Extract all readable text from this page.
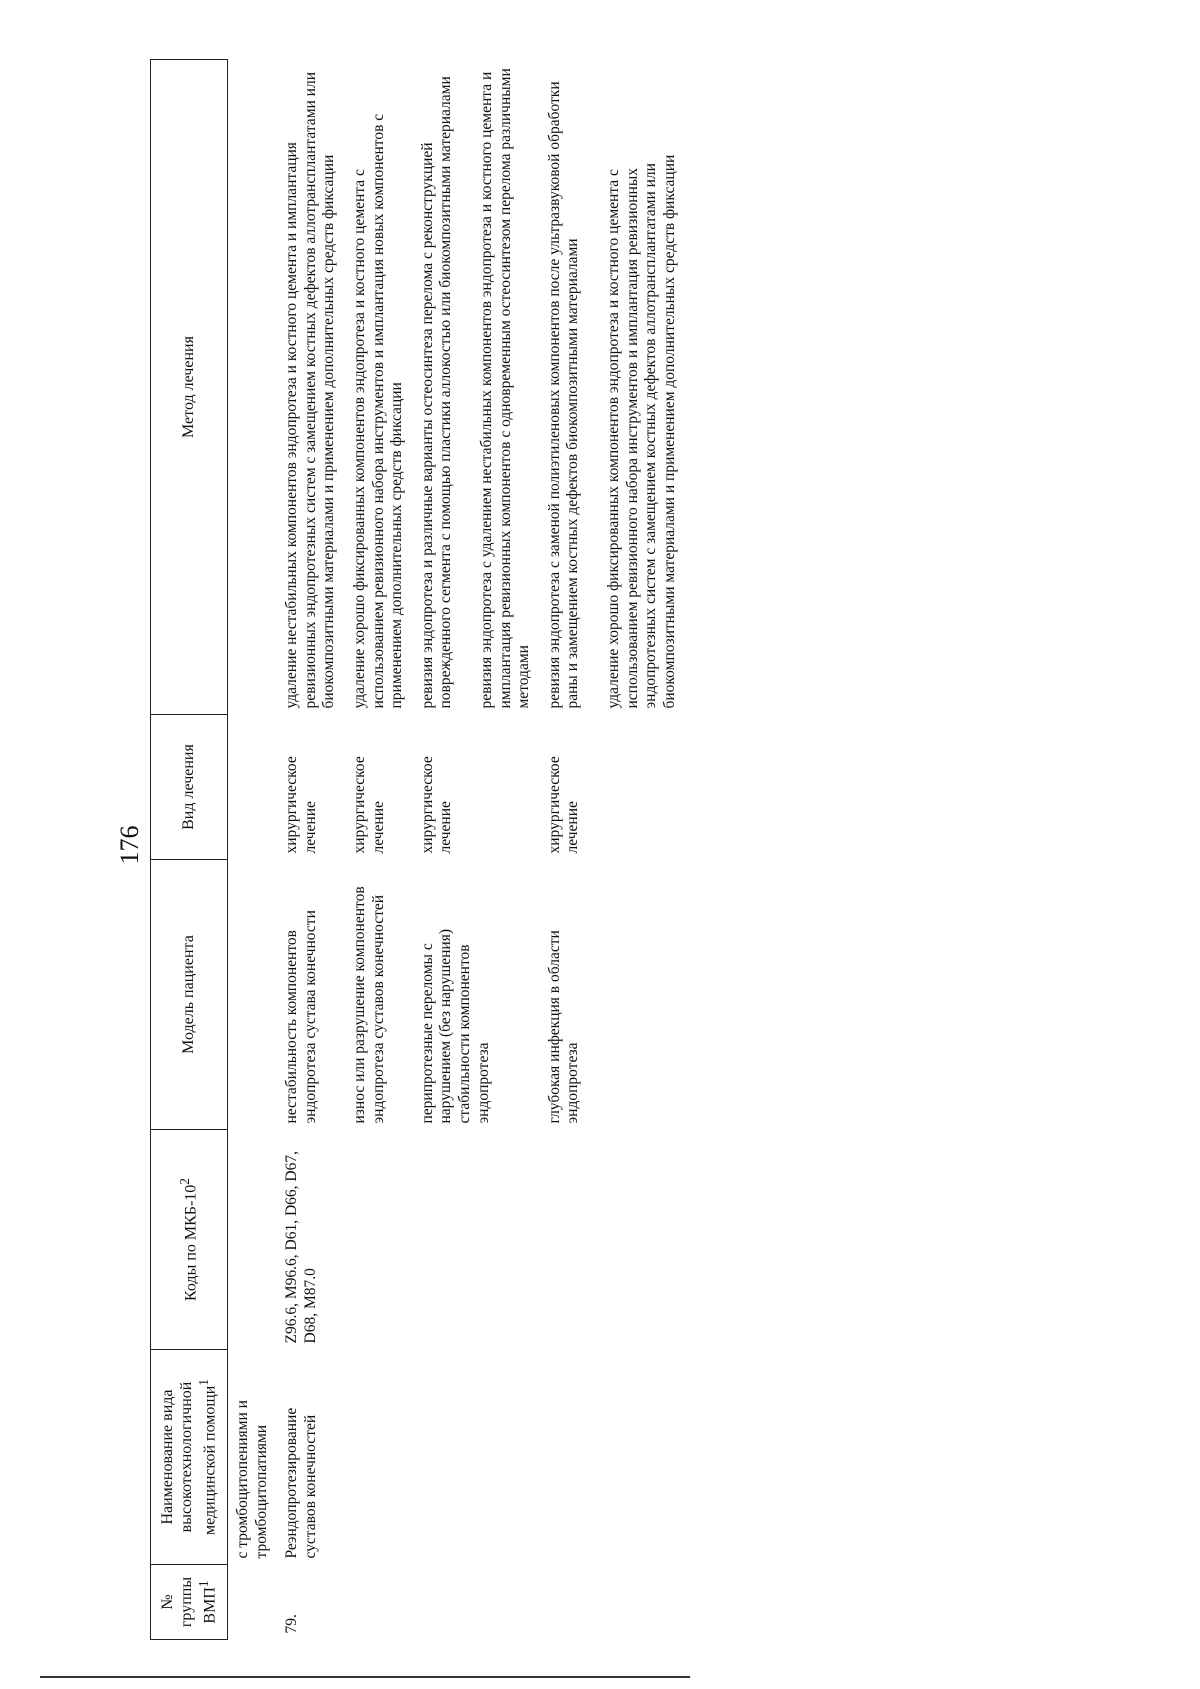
176
№ группы ВМП$^1$	Наименование вида высокотехнологичной медицинской помощи$^1$	Коды по МКБ-$10^2$	Модель пациента	Вид лечения	Метод лечения
	с тромбоцитопениями и тромбоцитопатиями				
79.	Реэндопротезирование суставов конечностей	Z96.6, M96.6, D61, D66, D67, D68, M87.0	нестабильность компонентов эндопротеза сустава конечности	хирургическое лечение	удаление нестабильных компонентов эндопротеза и костного цемента и имплантация ревизионных эндопротезных систем с замещением костных дефектов аллотрансплантатами или биокомпозитными материалами и применением дополнительных средств фиксации

			износ или разрушение компонентов эндопротеза суставов конечностей	хирургическое лечение	удаление хорошо фиксированных компонентов эндопротеза и костного цемента с использованием ревизионного набора инструментов и имплантация новых компонентов с применением дополнительных средств фиксации

			перипротезные переломы с нарушением (без нарушения) стабильности компонентов эндопротеза	хирургическое лечение	ревизия эндопротеза и различные варианты остеосинтеза перелома с реконструкцией поврежденного сегмента с помощью пластики аллокостью или биокомпозитными материалами ревизия эндопротеза с удалением нестабильных компонентов эндопротеза и костного цемента и имплантация ревизионных компонентов с одновременным остеосинтезом перелома различными методами

			глубокая инфекция в области эндопротеза	хирургическое лечение	ревизия эндопротеза с заменой полиэтиленовых компонентов после ультразвуковой обработки раны и замещением костных дефектов биокомпозитными материалами удаление хорошо фиксированных компонентов эндопротеза и костного цемента с использованием ревизионного набора инструментов и имплантация ревизионных эндопротезных систем с замещением костных дефектов аллотрансплантатами или биокомпозитными материалами и применением дополнительных средств фиксации
